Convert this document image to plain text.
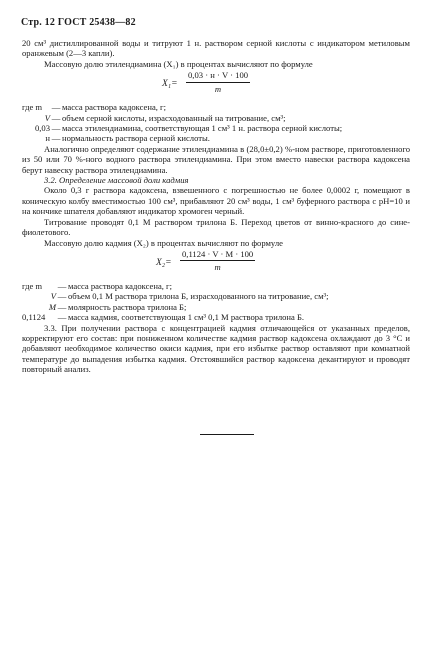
Стр. 12 ГОСТ 25438—82

20 см³ дистиллированной воды и титруют 1 н. раствором серной кислоты с индикатором метиловым оранжевым (2—3 капли).

Массовую долю этилендиамина (X₁) в процентах вычисляют по формуле

X₁=
0,03 · н · V · 100
m
где m	— масса раствора кадоксена, г;
V — объем серной кислоты, израсходованный на титрование, см³;
0,03 — масса этилендиамина, соответствующая 1 см³ 1 н. раствора серной кислоты;
н — нормальность раствора серной кислоты.

Аналогично определяют содержание этилендиамина в (28,0±0,2) %-ном растворе, приготовленного из 50 или 70 %-ного водного раствора этилендиамина. При этом вместо навески раствора кадоксена берут навеску раствора этилендиамина.

3.2. Определение массовой доли кадмия

Около 0,3 г раствора кадоксена, взвешенного с погрешностью не более 0,0002 г, помещают в коническую колбу вместимостью 100 см³, прибавляют 20 см³ воды, 1 см³ буферного раствора с pH=10 и на кончике шпателя добавляют индикатор хромоген черный.

Титрование проводят 0,1 М раствором трилона Б. Переход цветов от винно-красного до сине-фиолетового.

Массовую долю кадмия (X₂) в процентах вычисляют по формуле

$X_2= \frac{0,1124 \cdot V \cdot M \cdot 100}{m}$
где m	— масса раствора кадоксена, г;
V — объем 0,1 М раствора трилона Б, израсходованного на титрование, см³;
M — молярность раствора трилона Б;
0,1124	— масса кадмия, соответствующая 1 см³ 0,1 М раствора трилона Б.

3.3. При получении раствора с концентрацией кадмия отличающейся от указанных пределов, корректируют его состав: при пониженном количестве кадмия раствор кадоксена охлаждают до 3 °C и добавляют необходимое количество окиси кадмия, при его избытке раствор оставляют при комнатной температуре до выпадения избытка кадмия. Отстоявшийся раствор кадоксена декантируют и проводят повторный анализ.
